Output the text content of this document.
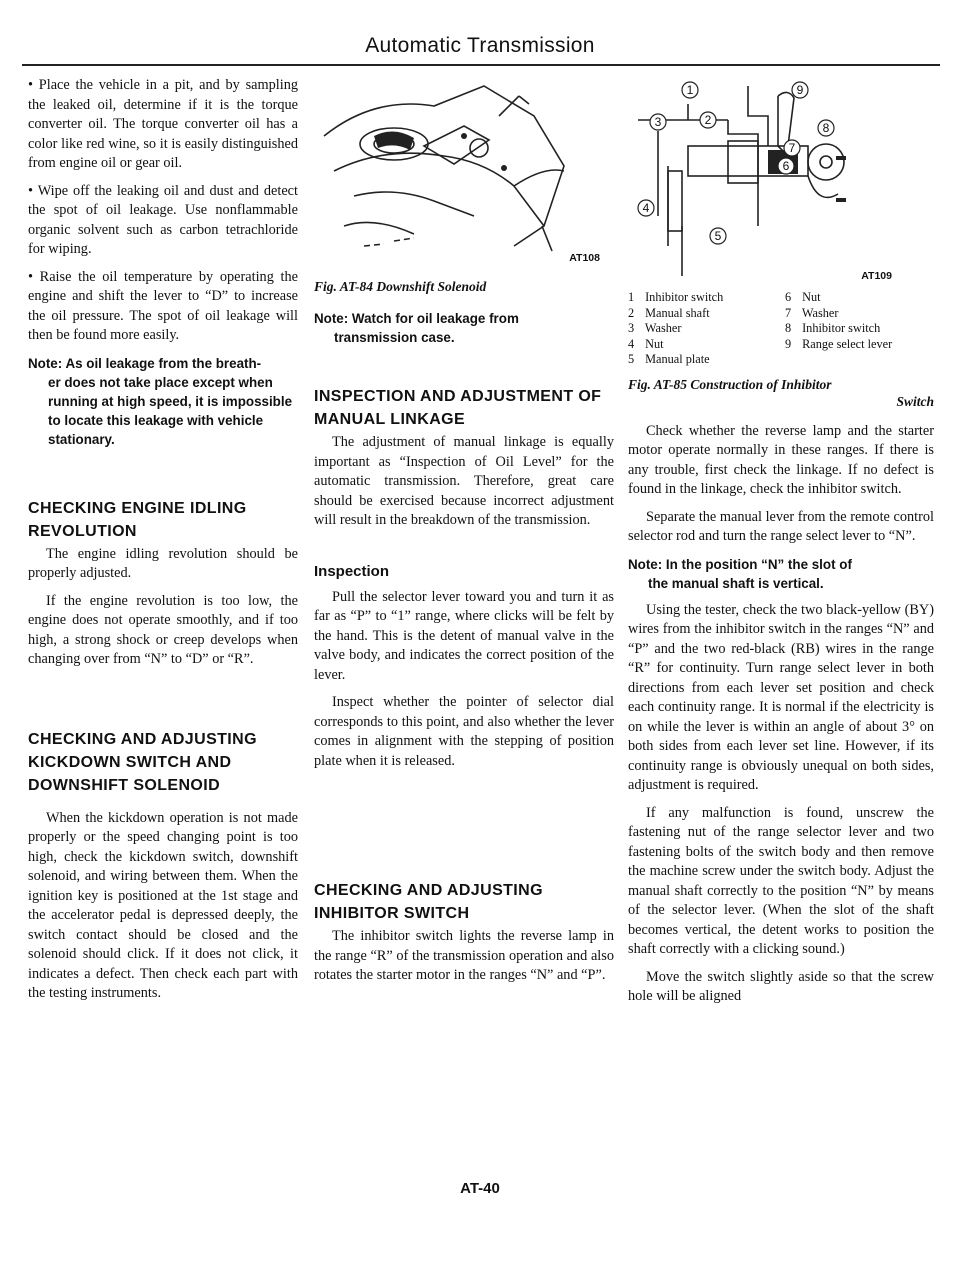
Automatic Transmission

• Place the vehicle in a pit, and by sampling the leaked oil, determine if it is the torque converter oil. The torque converter oil has a color like red wine, so it is easily distinguished from engine oil or gear oil.

• Wipe off the leaking oil and dust and detect the spot of oil leakage. Use nonflammable organic solvent such as carbon tetrachloride for wiping.

• Raise the oil temperature by operating the engine and shift the lever to “D” to increase the oil pressure. The spot of oil leakage will then be found more easily.

Note: As oil leakage from the breath-
er does not take place except when running at high speed, it is impossible to locate this leakage with vehicle stationary.
CHECKING ENGINE IDLING REVOLUTION

The engine idling revolution should be properly adjusted.

If the engine revolution is too low, the engine does not operate smoothly, and if too high, a strong shock or creep develops when changing over from “N” to “D” or “R”.

CHECKING AND ADJUSTING KICKDOWN SWITCH AND DOWNSHIFT SOLENOID

When the kickdown operation is not made properly or the speed changing point is too high, check the kickdown switch, downshift solenoid, and wiring between them. When the ignition key is positioned at the 1st stage and the accelerator pedal is depressed deeply, the switch contact should be closed and the solenoid should click. If it does not click, it indicates a defect. Then check each part with the testing instruments.

AT108

Fig. AT-84 Downshift Solenoid

Note: Watch for oil leakage from
transmission case.
INSPECTION AND ADJUSTMENT OF MANUAL LINKAGE

The adjustment of manual linkage is equally important as “Inspection of Oil Level” for the automatic transmission. Therefore, great care should be exercised because incorrect adjustment will result in the breakdown of the transmission.

Inspection

Pull the selector lever toward you and turn it as far as “P” to “1” range, where clicks will be felt by the hand. This is the detent of manual valve in the valve body, and indicates the correct position of the lever.

Inspect whether the pointer of selector dial corresponds to this point, and also whether the lever comes in alignment with the stepping of position plate when it is released.

CHECKING AND ADJUSTING INHIBITOR SWITCH

The inhibitor switch lights the reverse lamp in the range “R” of the transmission operation and also rotates the starter motor in the ranges “N” and “P”.

1
2
3
4
5
6
7
8
9
AT109
1 Inhibitor switch	6 Nut
2 Manual shaft	7 Washer
3 Washer	8 Inhibitor switch
4 Nut	9 Range select lever
5 Manual plate

Fig. AT-85 Construction of Inhibitor

Switch

Check whether the reverse lamp and the starter motor operate normally in these ranges. If there is any trouble, first check the linkage. If no defect is found in the linkage, check the inhibitor switch.

Separate the manual lever from the remote control selector rod and turn the range select lever to “N”.

Note: In the position “N” the slot of
the manual shaft is vertical.

Using the tester, check the two black-yellow (BY) wires from the inhibitor switch in the ranges “N” and “P” and the two red-black (RB) wires in the range “R” for continuity. Turn range select lever in both directions from each lever set position and check each continuity range. It is normal if the electricity is on while the lever is within an angle of about 3° on both sides from each lever set line. However, if its continuity range is obviously unequal on both sides, adjustment is required.

If any malfunction is found, unscrew the fastening nut of the range selector lever and two fastening bolts of the switch body and then remove the machine screw under the switch body. Adjust the manual shaft correctly to the position “N” by means of the selector lever. (When the slot of the shaft becomes vertical, the detent works to position the shaft correctly with a clicking sound.)

Move the switch slightly aside so that the screw hole will be aligned

AT-40
